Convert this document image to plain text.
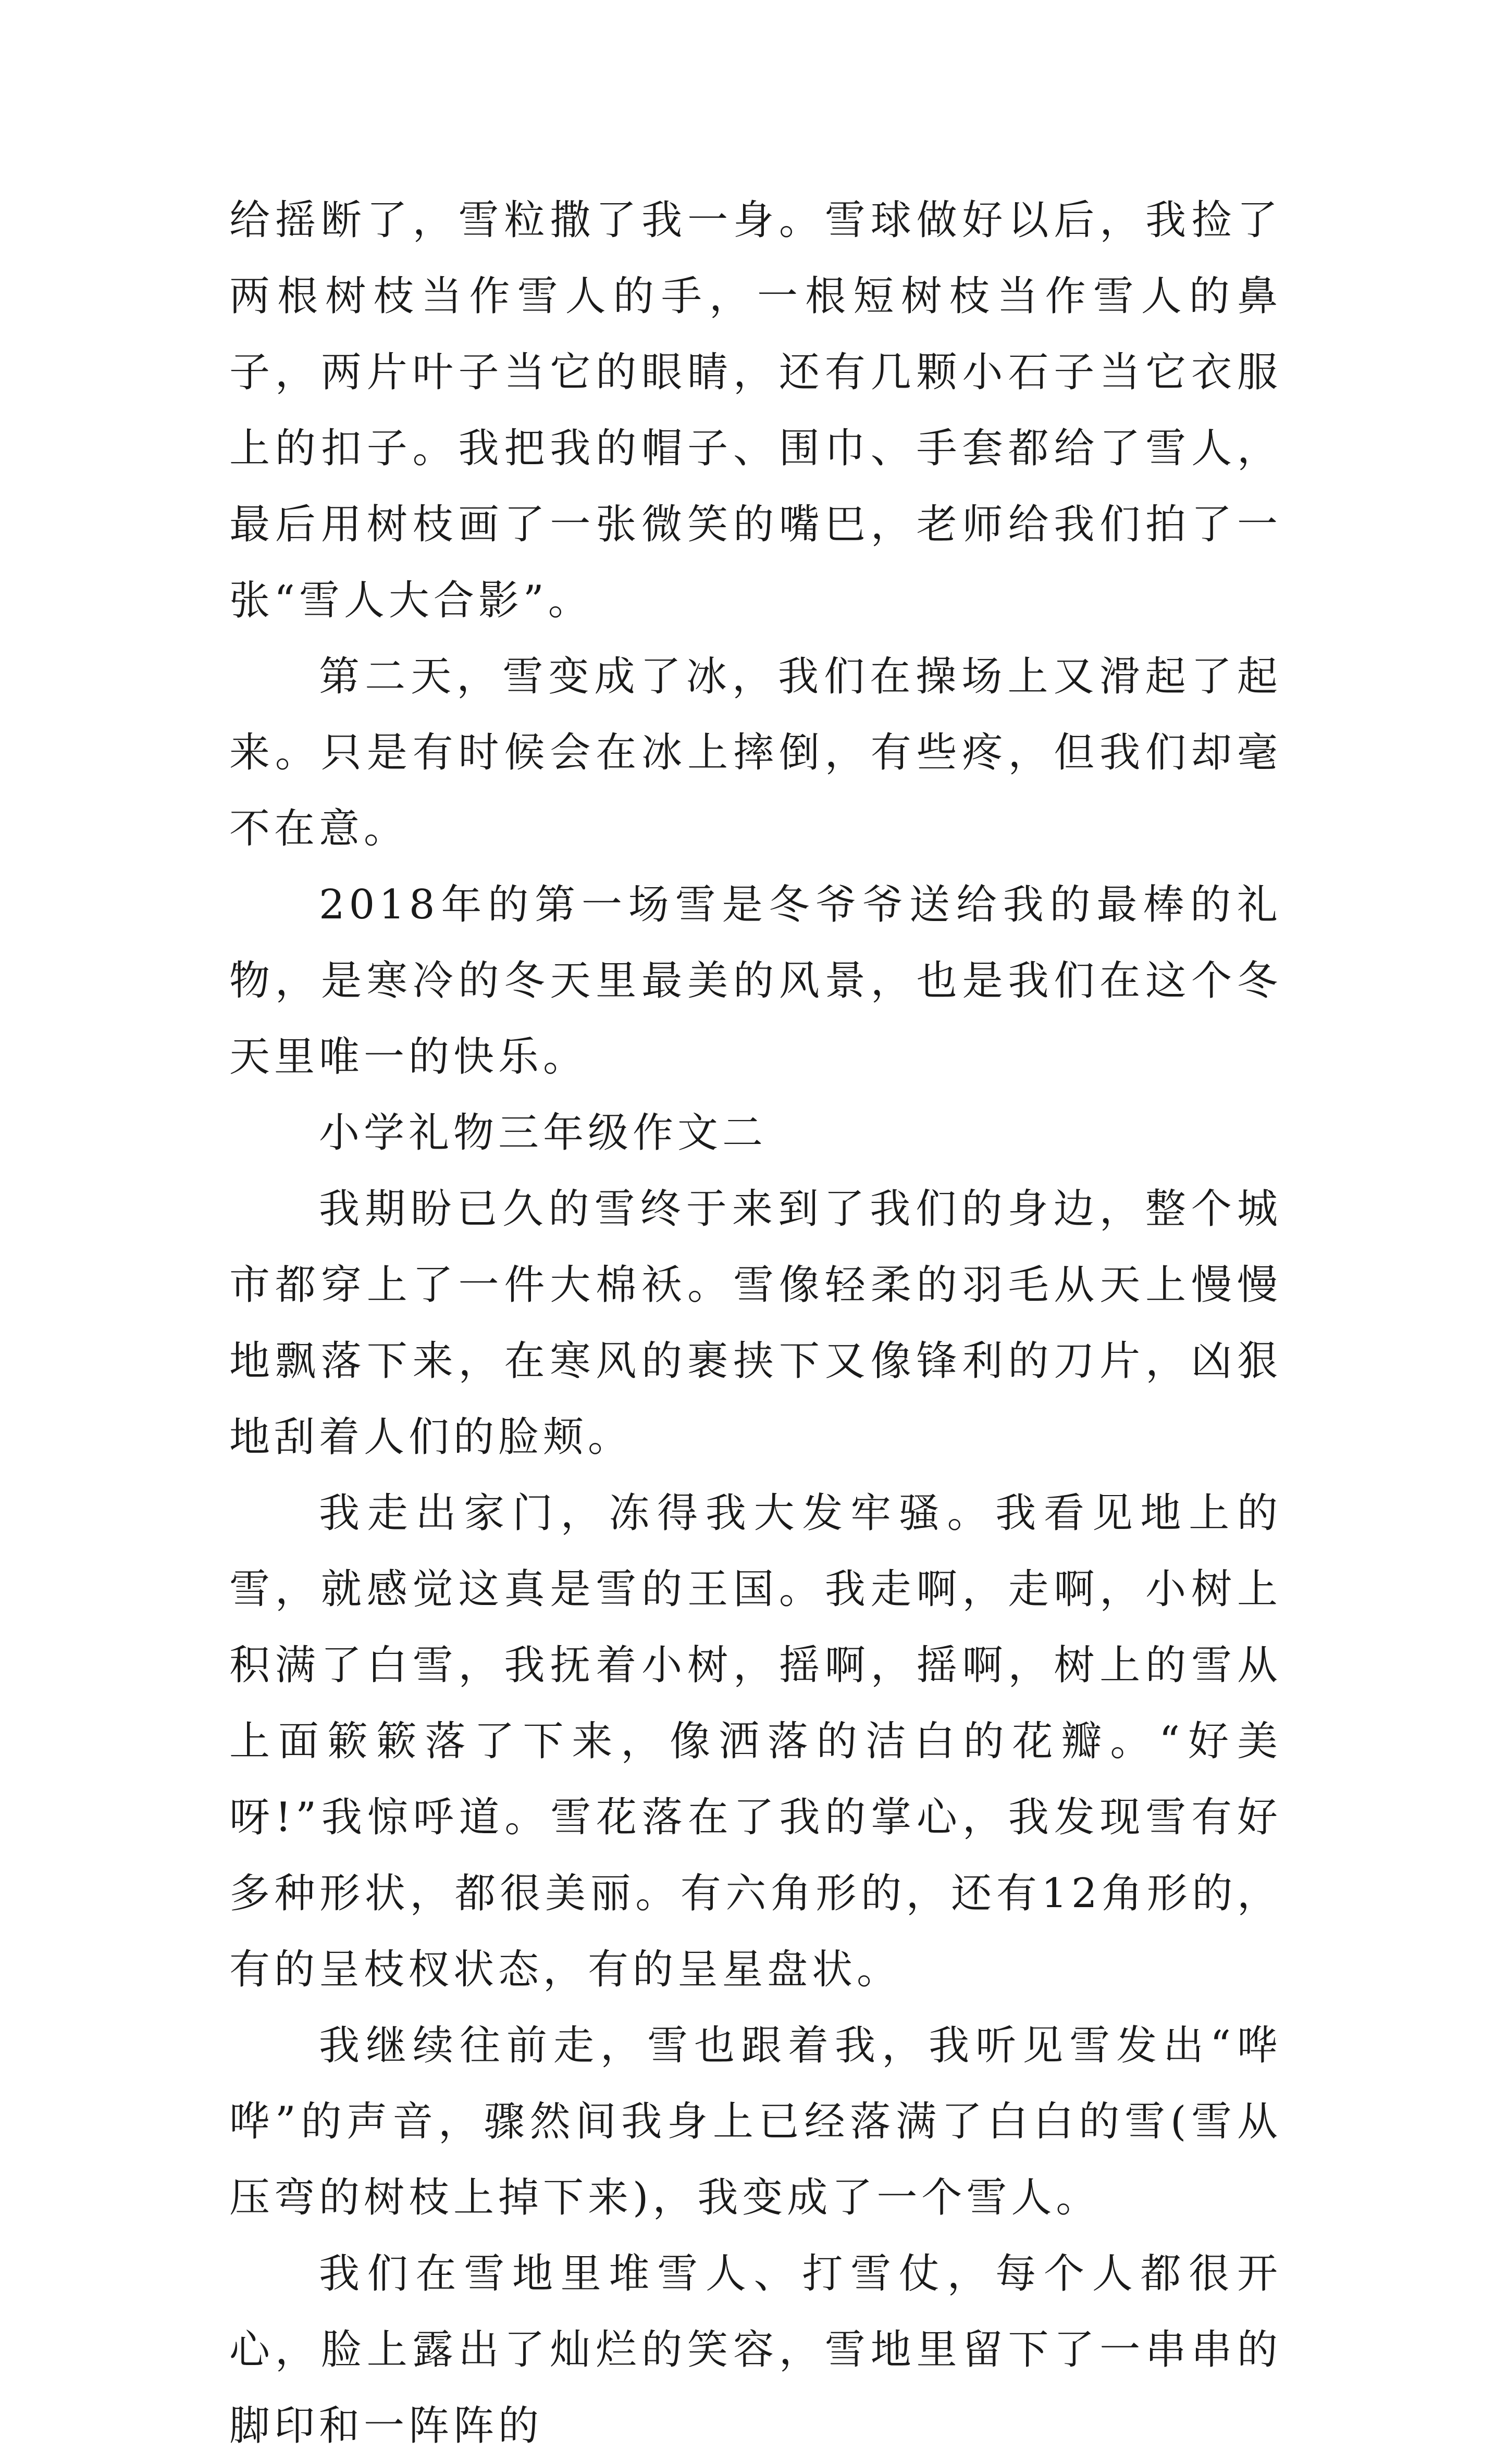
给摇断了，雪粒撒了我一身。雪球做好以后，我捡了两根树枝当作雪人的手，一根短树枝当作雪人的鼻子，两片叶子当它的眼睛，还有几颗小石子当它衣服上的扣子。我把我的帽子、围巾、手套都给了雪人，最后用树枝画了一张微笑的嘴巴，老师给我们拍了一张“雪人大合影”。

第二天，雪变成了冰，我们在操场上又滑起了起来。只是有时候会在冰上摔倒，有些疼，但我们却毫不在意。

2018年的第一场雪是冬爷爷送给我的最棒的礼物，是寒冷的冬天里最美的风景，也是我们在这个冬天里唯一的快乐。

小学礼物三年级作文二

我期盼已久的雪终于来到了我们的身边，整个城市都穿上了一件大棉袄。雪像轻柔的羽毛从天上慢慢地飘落下来，在寒风的裹挟下又像锋利的刀片，凶狠地刮着人们的脸颊。

我走出家门，冻得我大发牢骚。我看见地上的雪，就感觉这真是雪的王国。我走啊，走啊，小树上积满了白雪，我抚着小树，摇啊，摇啊，树上的雪从上面簌簌落了下来，像洒落的洁白的花瓣。“好美呀!”我惊呼道。雪花落在了我的掌心，我发现雪有好多种形状，都很美丽。有六角形的，还有12角形的，有的呈枝杈状态，有的呈星盘状。

我继续往前走，雪也跟着我，我听见雪发出“哗哗”的声音，骤然间我身上已经落满了白白的雪(雪从压弯的树枝上掉下来)，我变成了一个雪人。

我们在雪地里堆雪人、打雪仗，每个人都很开心，脸上露出了灿烂的笑容，雪地里留下了一串串的脚印和一阵阵的
